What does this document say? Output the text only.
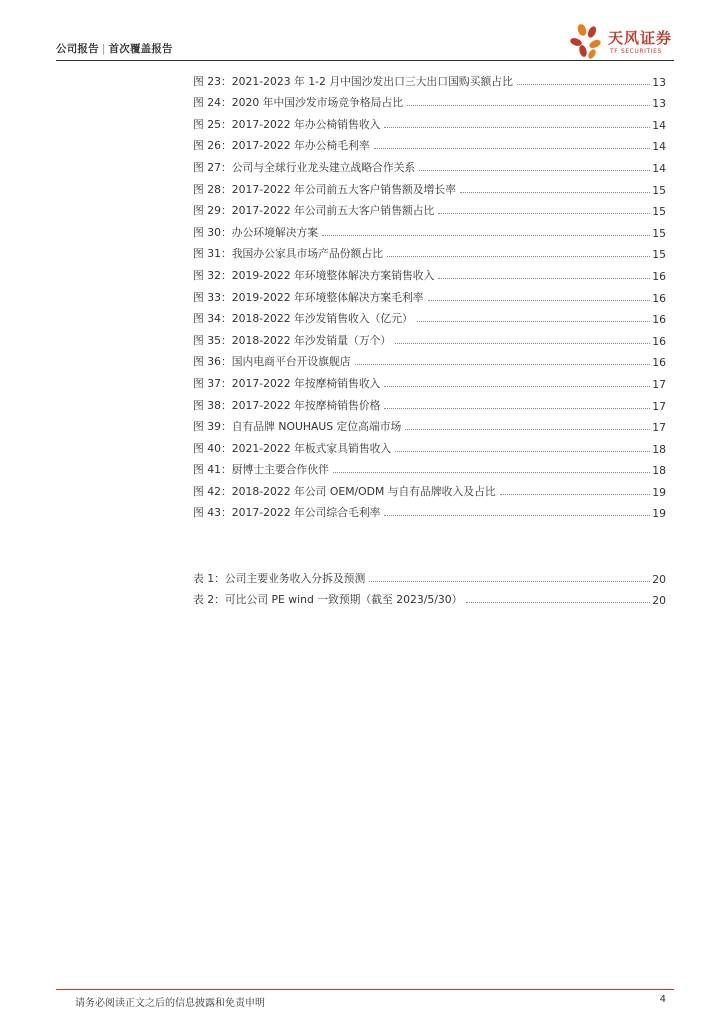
公司报告 | 首次覆盖报告
天风证券
TF SECURITIES
图 23：2021-2023 年 1-2 月中国沙发出口三大出口国购买额占比	13
图 24：2020 年中国沙发市场竞争格局占比	13
图 25：2017-2022 年办公椅销售收入	14
图 26：2017-2022 年办公椅毛利率	14
图 27：公司与全球行业龙头建立战略合作关系	14
图 28：2017-2022 年公司前五大客户销售额及增长率	15
图 29：2017-2022 年公司前五大客户销售额占比	15
图 30：办公环境解决方案	15
图 31：我国办公家具市场产品份额占比	15
图 32：2019-2022 年环境整体解决方案销售收入	16
图 33：2019-2022 年环境整体解决方案毛利率	16
图 34：2018-2022 年沙发销售收入（亿元）	16
图 35：2018-2022 年沙发销量（万个）	16
图 36：国内电商平台开设旗舰店	16
图 37：2017-2022 年按摩椅销售收入	17
图 38：2017-2022 年按摩椅销售价格	17
图 39：自有品牌 NOUHAUS 定位高端市场	17
图 40：2021-2022 年板式家具销售收入	18
图 41：厨博士主要合作伙伴	18
图 42：2018-2022 年公司 OEM/ODM 与自有品牌收入及占比	19
图 43：2017-2022 年公司综合毛利率	19
表 1：公司主要业务收入分拆及预测	20
表 2：可比公司 PE wind 一致预期（截至 2023/5/30）	20
请务必阅读正文之后的信息披露和免责申明	4
